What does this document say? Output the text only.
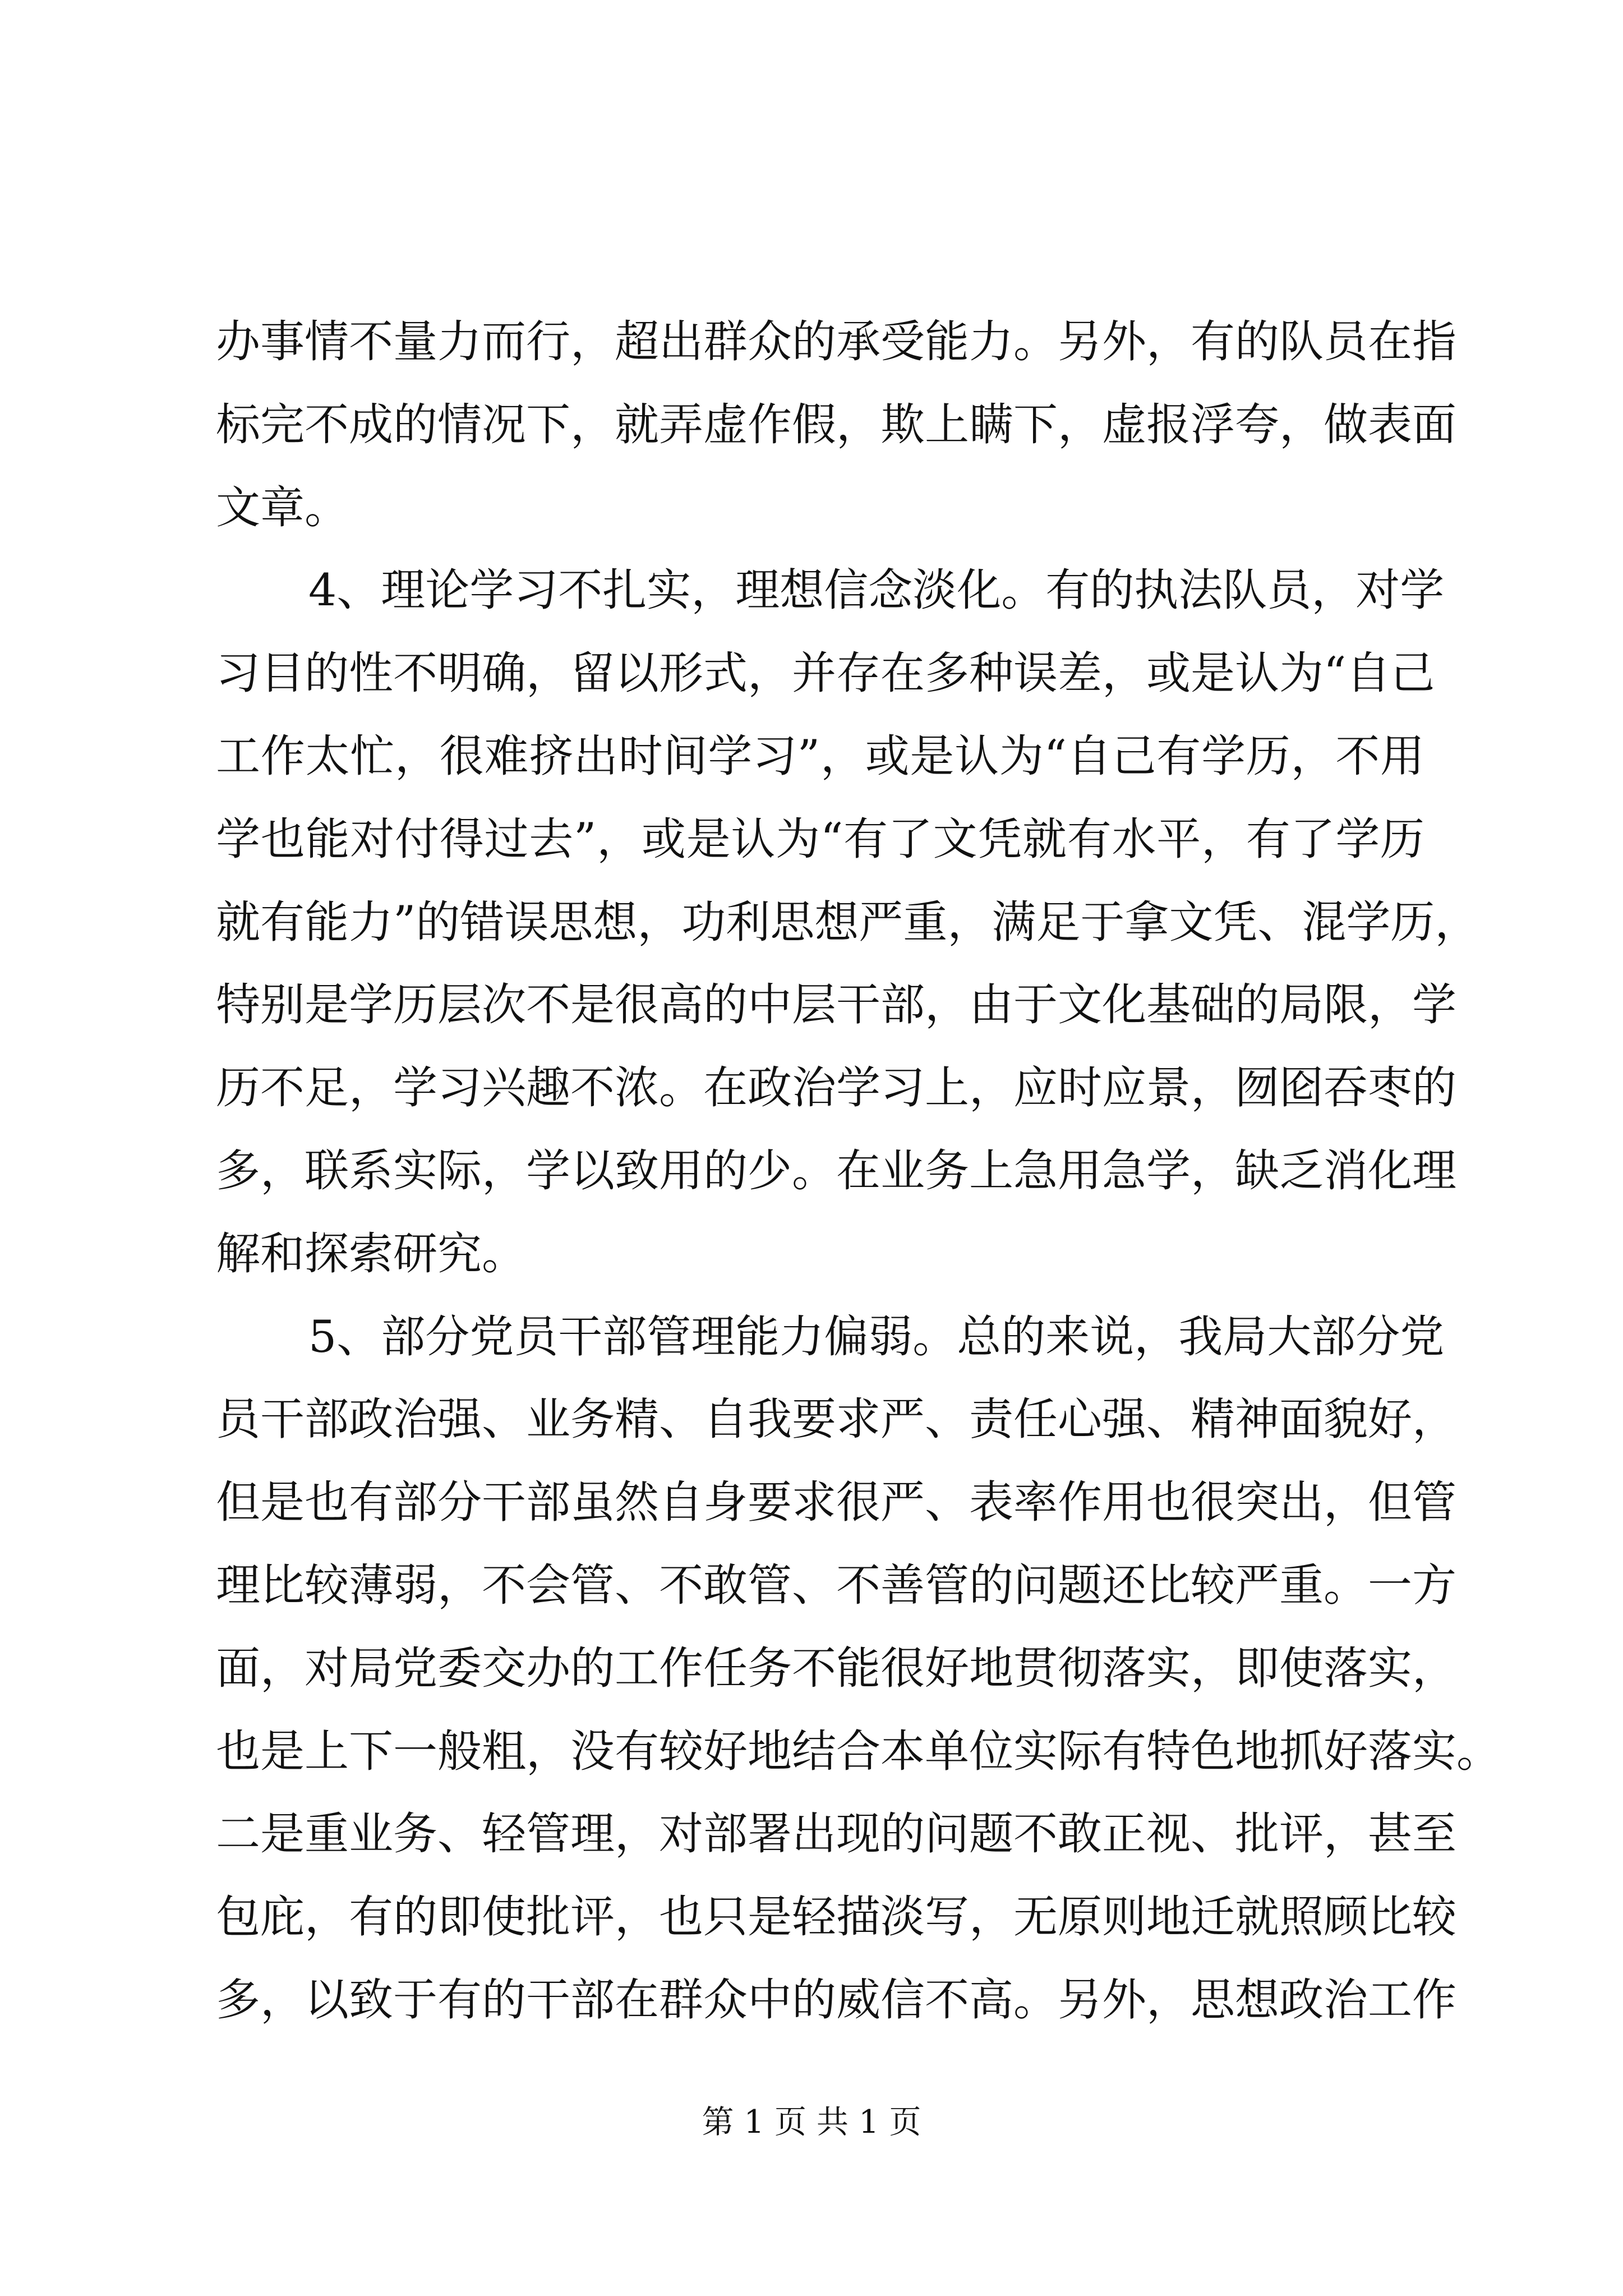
办事情不量力而行，超出群众的承受能力。另外，有的队员在指
标完不成的情况下，就弄虚作假，欺上瞒下，虚报浮夸，做表面
文章。
4、理论学习不扎实，理想信念淡化。有的执法队员，对学
习目的性不明确，留以形式，并存在多种误差，或是认为“自己
工作太忙，很难挤出时间学习”，或是认为“自己有学历，不用
学也能对付得过去”，或是认为“有了文凭就有水平，有了学历
就有能力”的错误思想，功利思想严重，满足于拿文凭、混学历，
特别是学历层次不是很高的中层干部，由于文化基础的局限，学
历不足，学习兴趣不浓。在政治学习上，应时应景，囫囵吞枣的
多，联系实际，学以致用的少。在业务上急用急学，缺乏消化理
解和探索研究。
5、部分党员干部管理能力偏弱。总的来说，我局大部分党
员干部政治强、业务精、自我要求严、责任心强、精神面貌好，
但是也有部分干部虽然自身要求很严、表率作用也很突出，但管
理比较薄弱，不会管、不敢管、不善管的问题还比较严重。一方
面，对局党委交办的工作任务不能很好地贯彻落实，即使落实，
也是上下一般粗，没有较好地结合本单位实际有特色地抓好落实。
二是重业务、轻管理，对部署出现的问题不敢正视、批评，甚至
包庇，有的即使批评，也只是轻描淡写，无原则地迁就照顾比较
多，以致于有的干部在群众中的威信不高。另外，思想政治工作
第 1 页 共 1 页
